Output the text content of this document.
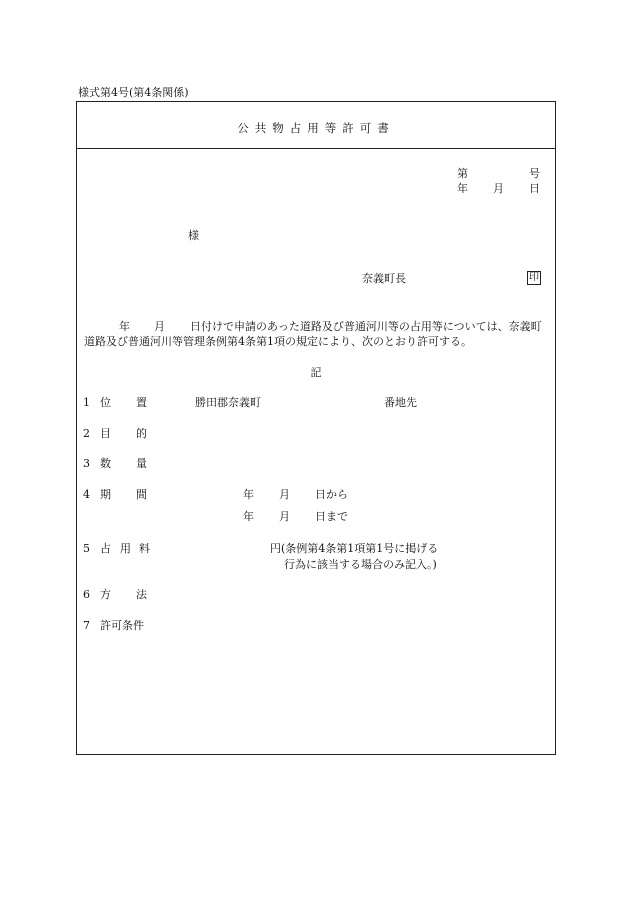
様式第4号(第4条関係)
公共物占用等許可書
第	号
年 月 日
様
奈義町長	印
年 月	日付けで申請のあった道路及び普通河川等の占用等については、奈義町道路及び普通河川等管理条例第4条第1項の規定により、次のとおり許可する。
記
1 位 置	勝田郡奈義町	番地先
2 目 的
3 数 量
4 期 間	年 月 日から
年 月 日まで
5 占 用 料	円(条例第4条第1項第1号に掲げる
行為に該当する場合のみ記入。)
6 方 法
7 許可条件
